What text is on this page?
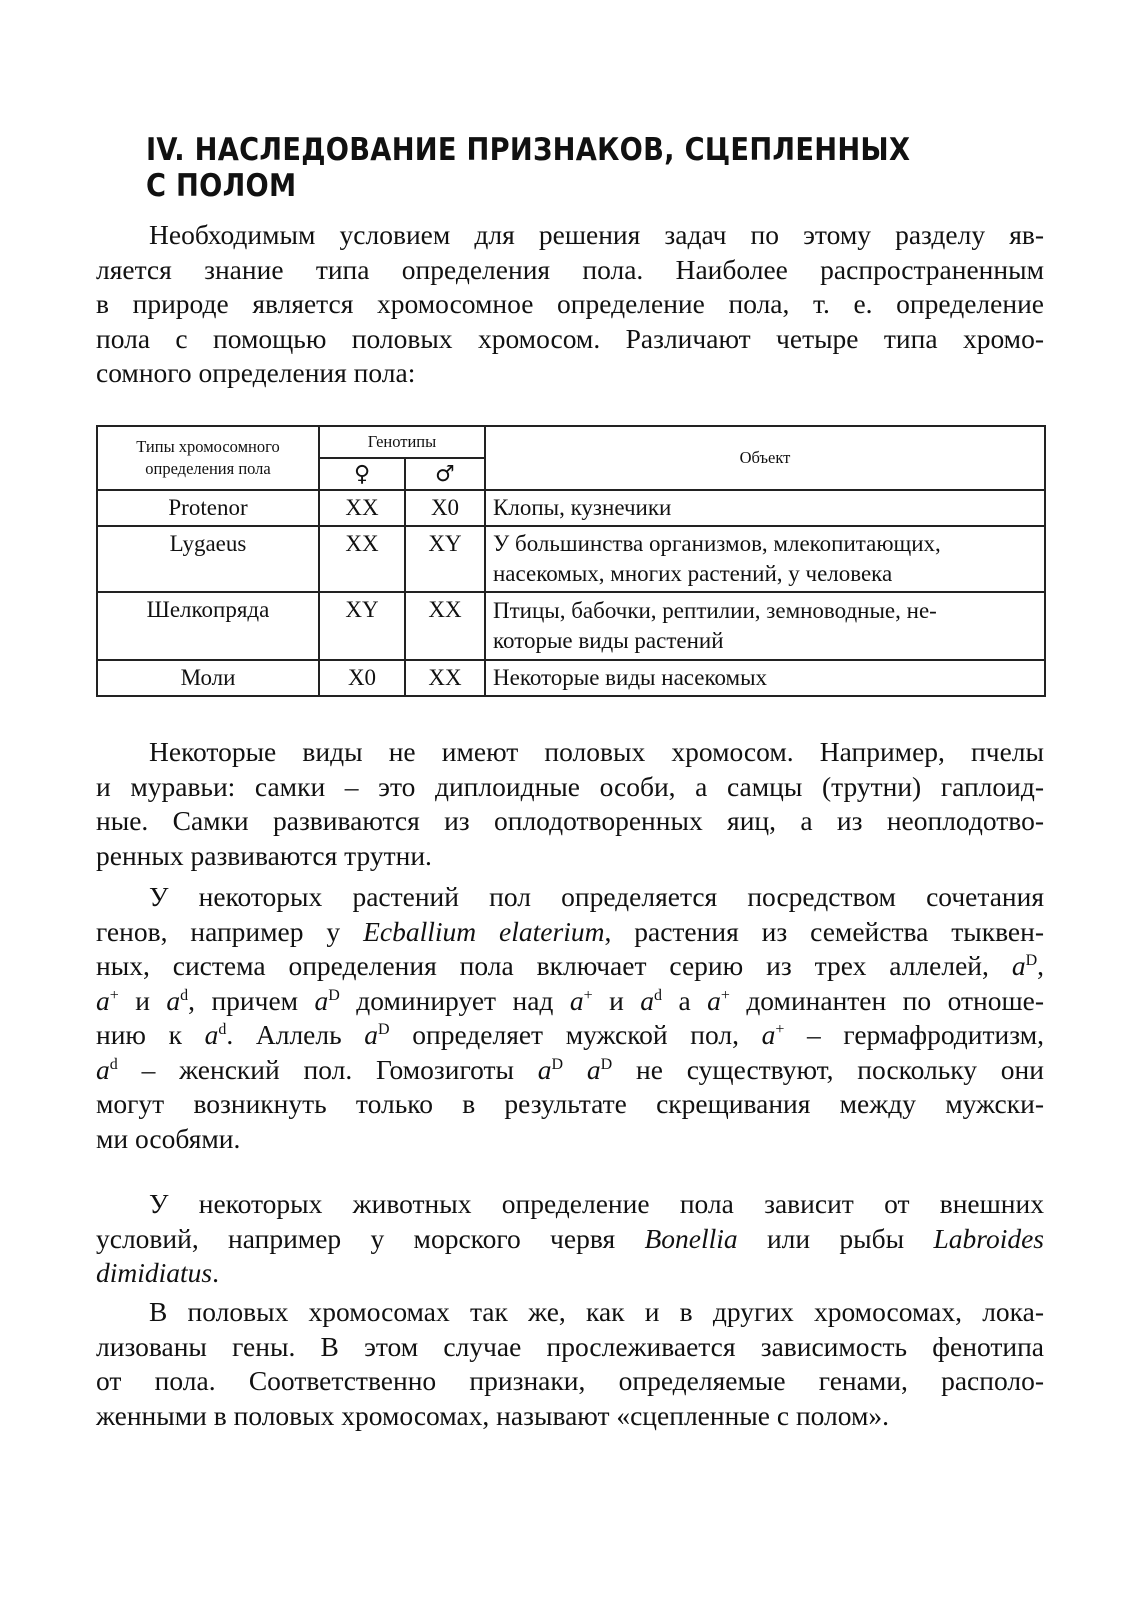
IV. НАСЛЕДОВАНИЕ ПРИЗНАКОВ, СЦЕПЛЕННЫХ С ПОЛОМ
Необходимым условием для решения задач по этому разделу яв-
ляется знание типа определения пола. Наиболее распространенным
в природе является хромосомное определение пола, т. е. определение
пола с помощью половых хромосом. Различают четыре типа хромо-
сомного определения пола:
Типы хромосомного
определения пола	Генотипы		Объект
	♀	♂	
Protenor	XX	X0	Клопы, кузнечики
Lygaeus	XX	XY	У большинства организмов, млекопитающих,
насекомых, многих растений, у человека
Шелкопряда	XY	XX	Птицы, бабочки, рептилии, земноводные, не-
которые виды растений
Моли	X0	XX	Некоторые виды насекомых
Некоторые виды не имеют половых хромосом. Например, пчелы
и муравьи: самки – это диплоидные особи, а самцы (трутни) гаплоид-
ные. Самки развиваются из оплодотворенных яиц, а из неоплодотво-
ренных развиваются трутни.
У некоторых растений пол определяется посредством сочетания
генов, например у Ecballium elaterium, растения из семейства тыквен-
ных, система определения пола включает серию из трех аллелей, $a^D$,
a+ и $a^d$, причем $a^D$ доминирует над a+ и $a^d$ а a+ доминантен по отноше-
нию к $a^d$. Аллель $a^D$ определяет мужской пол, a+ – гермафродитизм,
$a^d$ – женский пол. Гомозиготы $a^D$ $a^D$ не существуют, поскольку они
могут возникнуть только в результате скрещивания между мужски-
ми особями.
У некоторых животных определение пола зависит от внешних
условий, например у морского червя Bonellia или рыбы Labroides
dimidiatus.
В половых хромосомах так же, как и в других хромосомах, лока-
лизованы гены. В этом случае прослеживается зависимость фенотипа
от пола. Соответственно признаки, определяемые генами, располо-
женными в половых хромосомах, называют «сцепленные с полом».
